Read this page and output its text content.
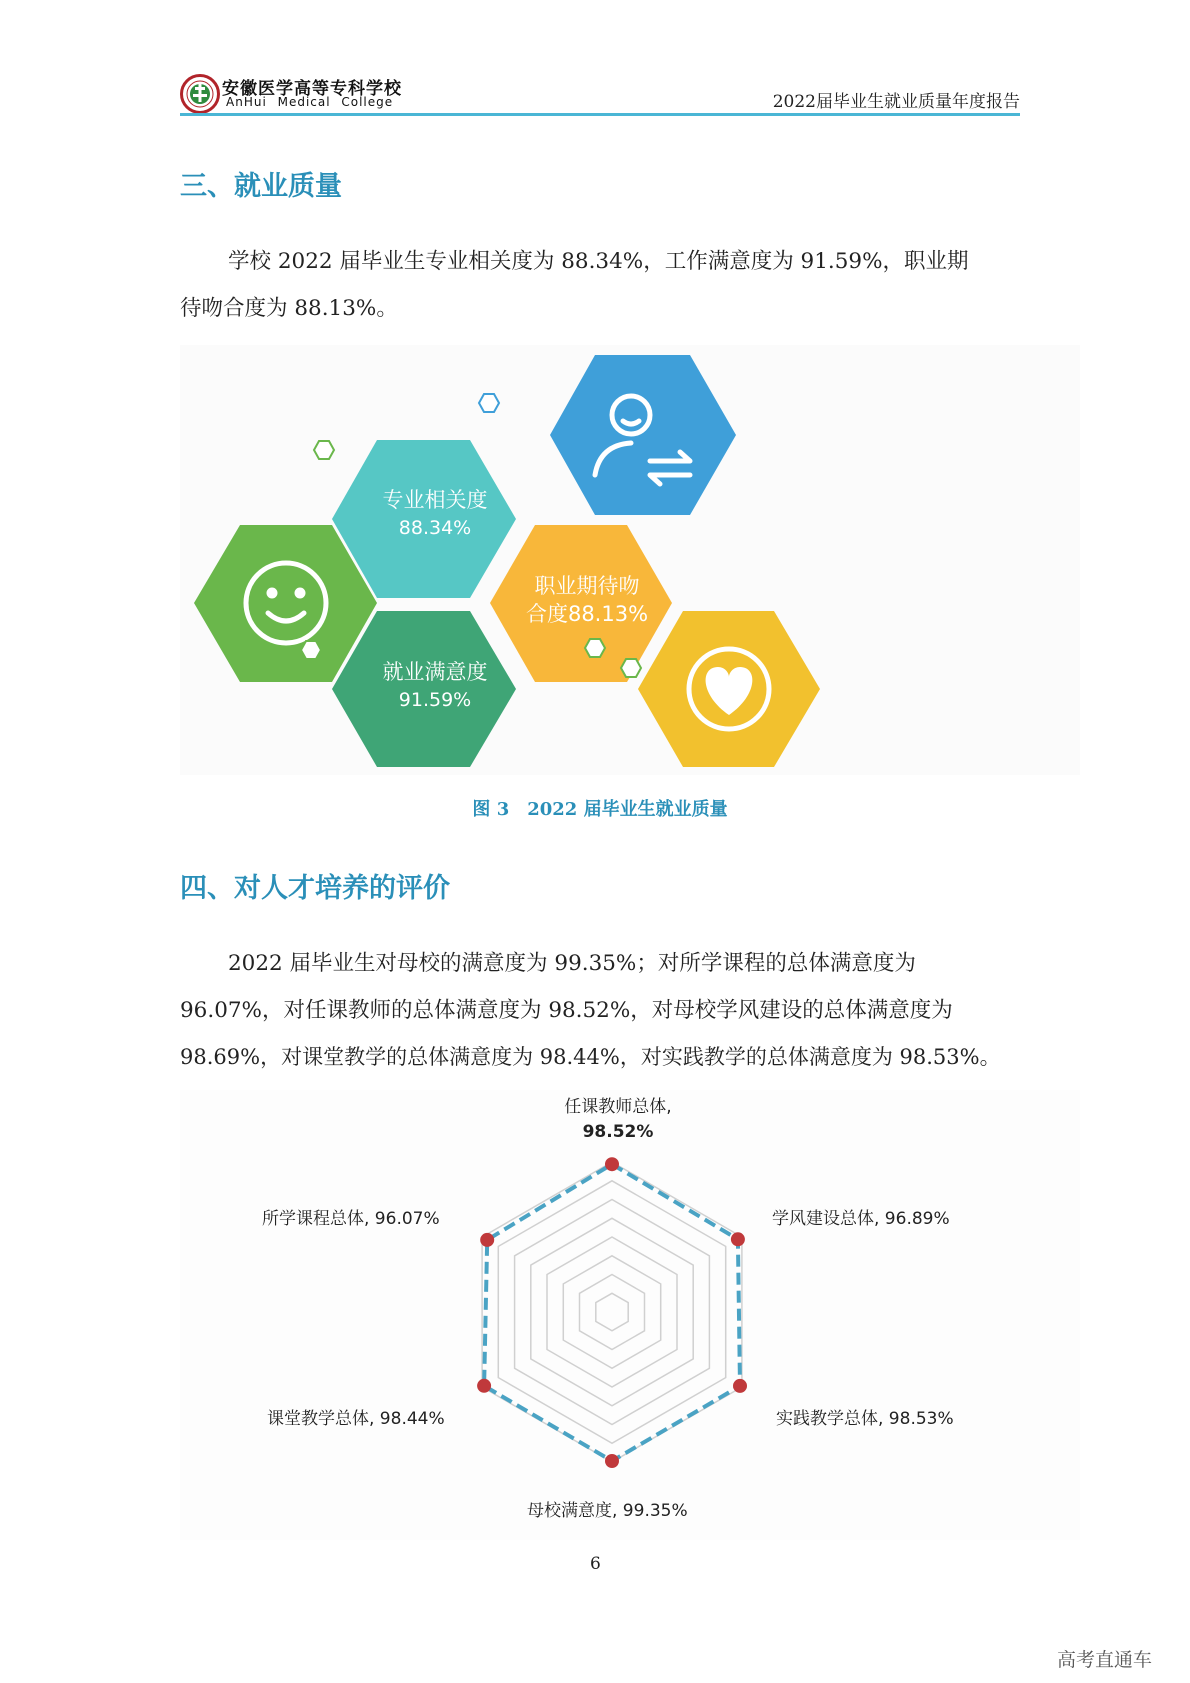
安徽医学高等专科学校
AnHui Medical College	2022届毕业生就业质量年度报告
三、就业质量

学校 2022 届毕业生专业相关度为 88.34%，工作满意度为 91.59%，职业期

待吻合度为 88.13%。

专业相关度
88.34%
就业满意度
91.59%
职业期待吻
合度88.13%
图 3　2022 届毕业生就业质量
四、对人才培养的评价

2022 届毕业生对母校的满意度为 99.35%；对所学课程的总体满意度为

96.07%，对任课教师的总体满意度为 98.52%，对母校学风建设的总体满意度为

98.69%，对课堂教学的总体满意度为 98.44%，对实践教学的总体满意度为 98.53%。

任课教师总体,
98.52%
学风建设总体, 96.89%
实践教学总体, 98.53%
母校满意度, 99.35%
课堂教学总体, 98.44%
所学课程总体, 96.07%
6
高考直通车
